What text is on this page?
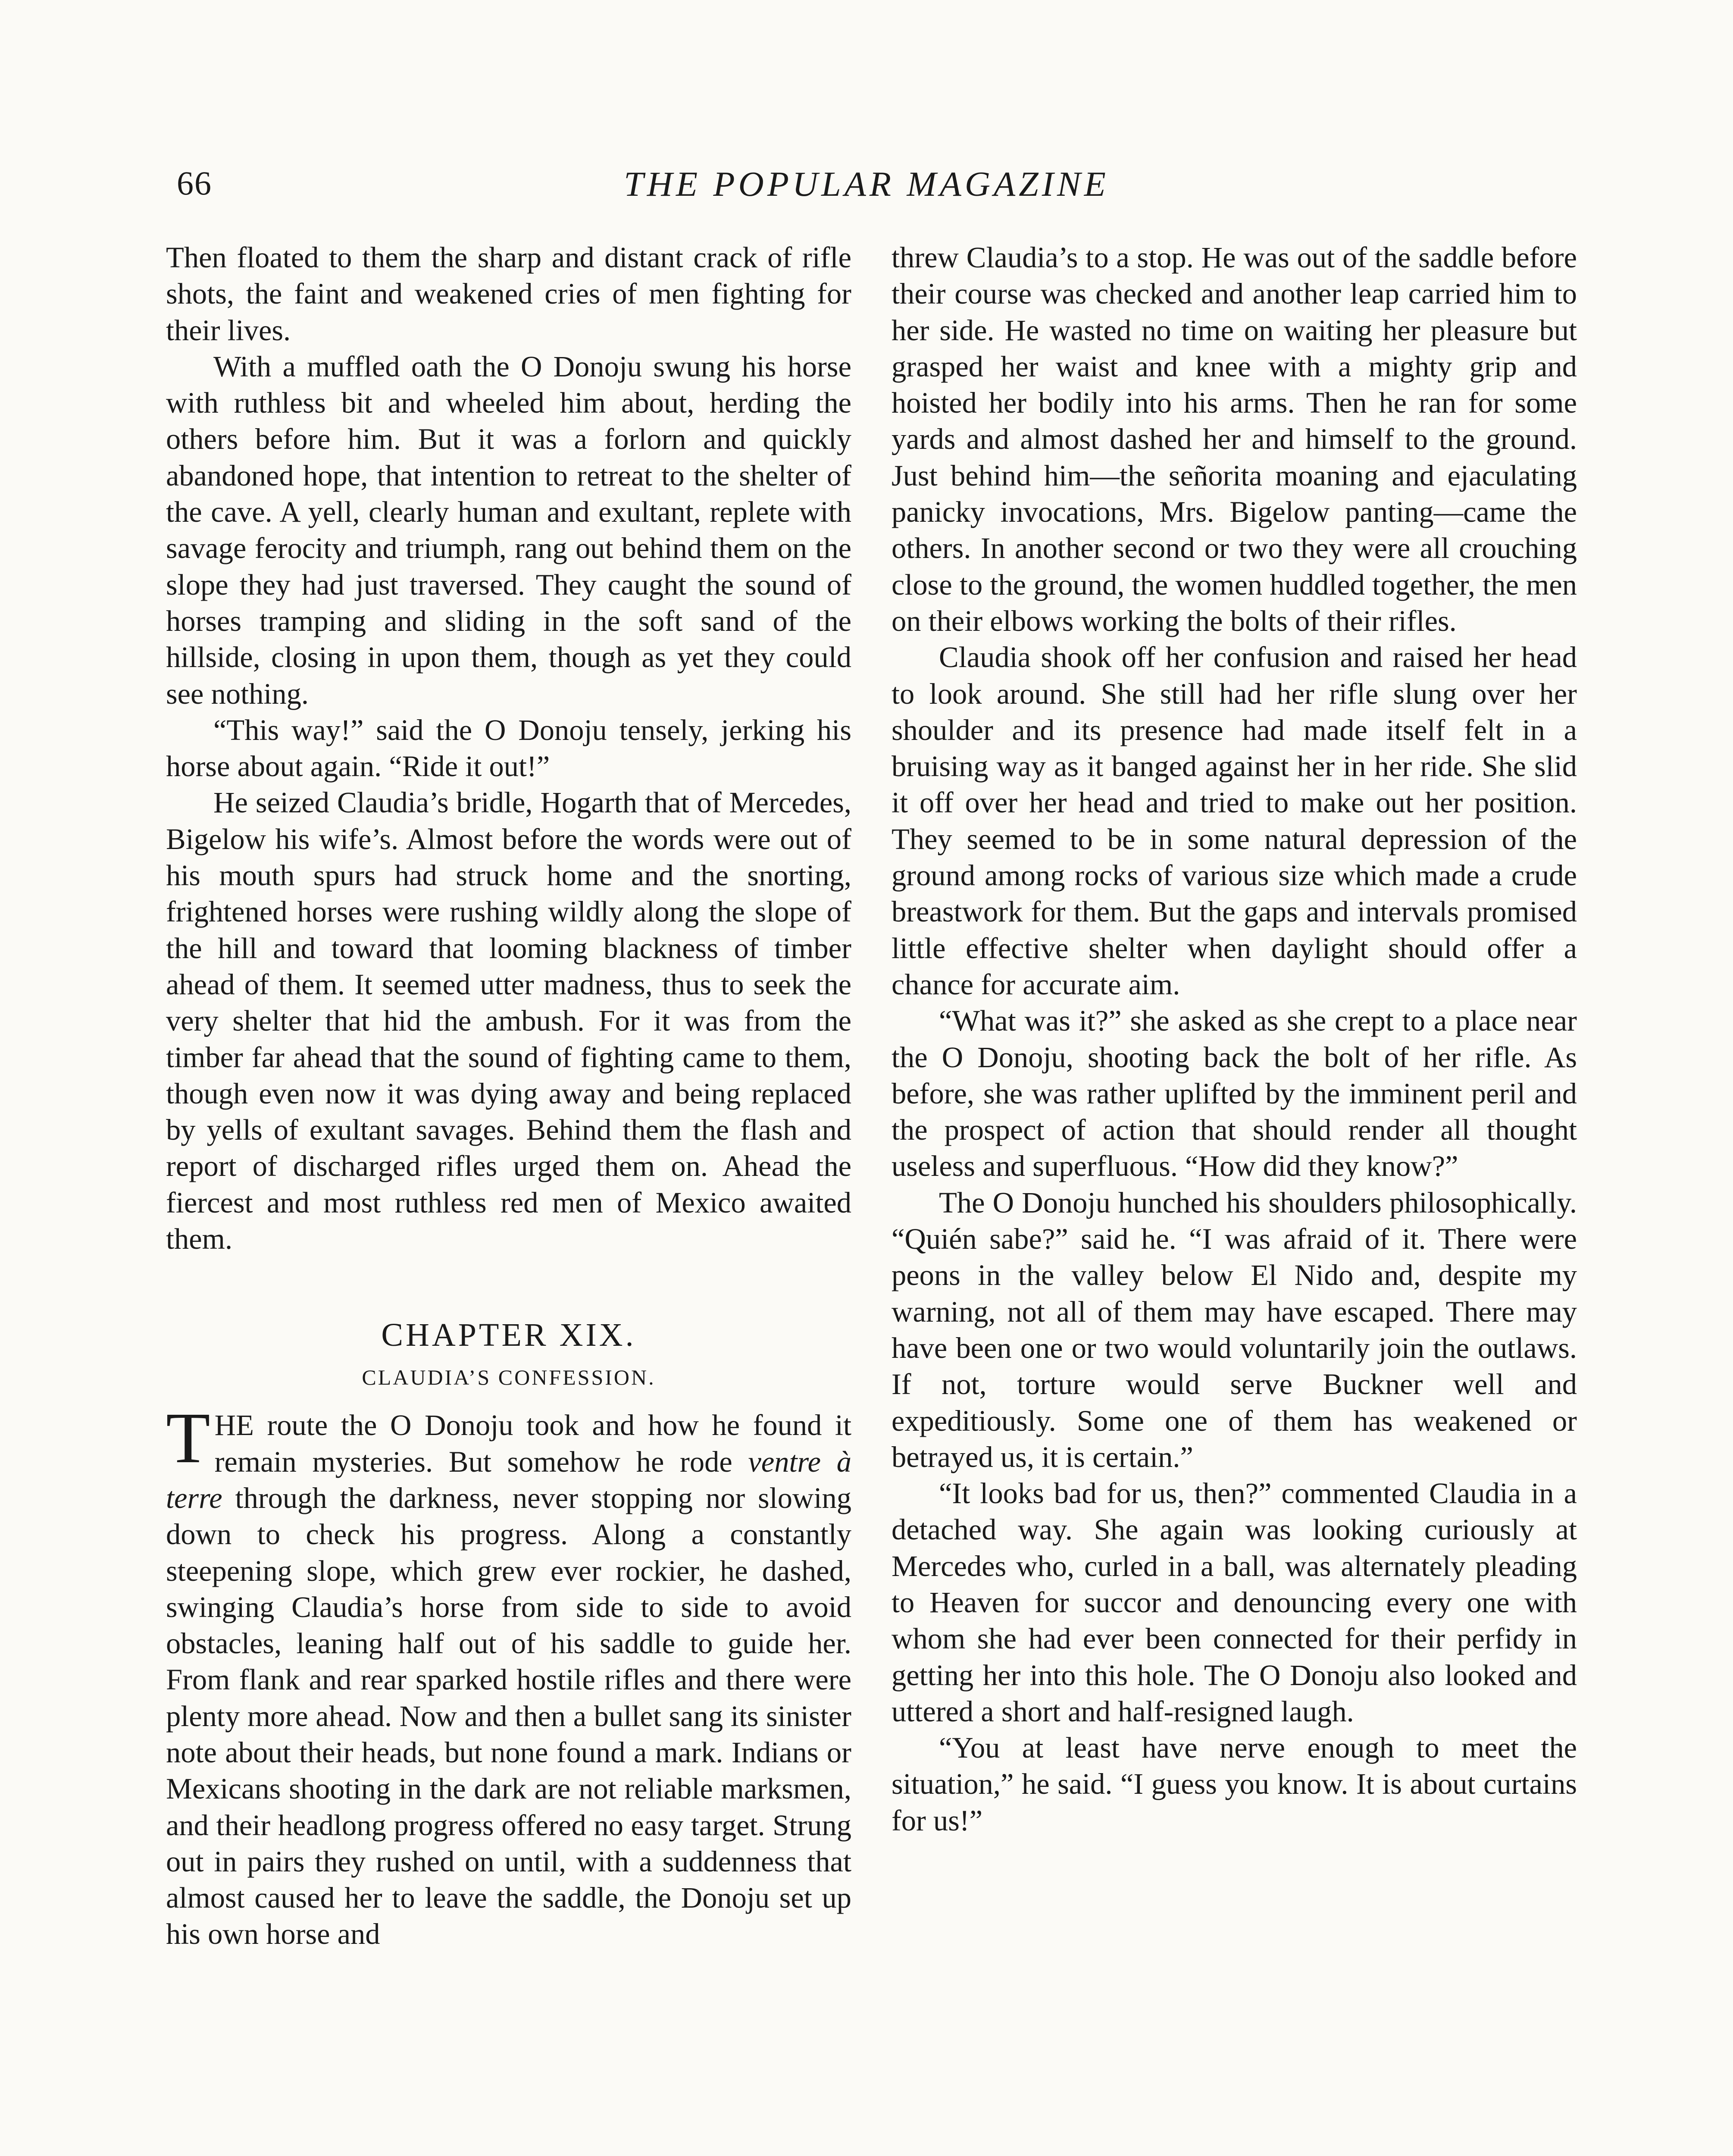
66	THE POPULAR MAGAZINE

Then floated to them the sharp and distant crack of rifle shots, the faint and weakened cries of men fighting for their lives.

With a muffled oath the O Donoju swung his horse with ruthless bit and wheeled him about, herding the others before him. But it was a forlorn and quickly abandoned hope, that intention to retreat to the shelter of the cave. A yell, clearly human and exultant, replete with savage ferocity and triumph, rang out behind them on the slope they had just traversed. They caught the sound of horses tramping and sliding in the soft sand of the hillside, closing in upon them, though as yet they could see nothing.

“This way!” said the O Donoju tensely, jerking his horse about again. “Ride it out!”

He seized Claudia’s bridle, Hogarth that of Mercedes, Bigelow his wife’s. Almost before the words were out of his mouth spurs had struck home and the snorting, frightened horses were rushing wildly along the slope of the hill and toward that looming blackness of timber ahead of them. It seemed utter madness, thus to seek the very shelter that hid the ambush. For it was from the timber far ahead that the sound of fighting came to them, though even now it was dying away and being replaced by yells of exultant savages. Behind them the flash and report of discharged rifles urged them on. Ahead the fiercest and most ruthless red men of Mexico awaited them.

CHAPTER XIX.
CLAUDIA’S CONFESSION.

THE route the O Donoju took and how he found it remain mysteries. But somehow he rode ventre à terre through the darkness, never stopping nor slowing down to check his progress. Along a constantly steepening slope, which grew ever rockier, he dashed, swinging Claudia’s horse from side to side to avoid obstacles, leaning half out of his saddle to guide her. From flank and rear sparked hostile rifles and there were plenty more ahead. Now and then a bullet sang its sinister note about their heads, but none found a mark. Indians or Mexicans shooting in the dark are not reliable marksmen, and their headlong progress offered no easy target. Strung out in pairs they rushed on until, with a suddenness that almost caused her to leave the saddle, the Donoju set up his own horse and

threw Claudia’s to a stop. He was out of the saddle before their course was checked and another leap carried him to her side. He wasted no time on waiting her pleasure but grasped her waist and knee with a mighty grip and hoisted her bodily into his arms. Then he ran for some yards and almost dashed her and himself to the ground. Just behind him—the señorita moaning and ejaculating panicky invocations, Mrs. Bigelow panting—came the others. In another second or two they were all crouching close to the ground, the women huddled together, the men on their elbows working the bolts of their rifles.

Claudia shook off her confusion and raised her head to look around. She still had her rifle slung over her shoulder and its presence had made itself felt in a bruising way as it banged against her in her ride. She slid it off over her head and tried to make out her position. They seemed to be in some natural depression of the ground among rocks of various size which made a crude breastwork for them. But the gaps and intervals promised little effective shelter when daylight should offer a chance for accurate aim.

“What was it?” she asked as she crept to a place near the O Donoju, shooting back the bolt of her rifle. As before, she was rather uplifted by the imminent peril and the prospect of action that should render all thought useless and superfluous. “How did they know?”

The O Donoju hunched his shoulders philosophically. “Quién sabe?” said he. “I was afraid of it. There were peons in the valley below El Nido and, despite my warning, not all of them may have escaped. There may have been one or two would voluntarily join the outlaws. If not, torture would serve Buckner well and expeditiously. Some one of them has weakened or betrayed us, it is certain.”

“It looks bad for us, then?” commented Claudia in a detached way. She again was looking curiously at Mercedes who, curled in a ball, was alternately pleading to Heaven for succor and denouncing every one with whom she had ever been connected for their perfidy in getting her into this hole. The O Donoju also looked and uttered a short and half-resigned laugh.

“You at least have nerve enough to meet the situation,” he said. “I guess you know. It is about curtains for us!”
